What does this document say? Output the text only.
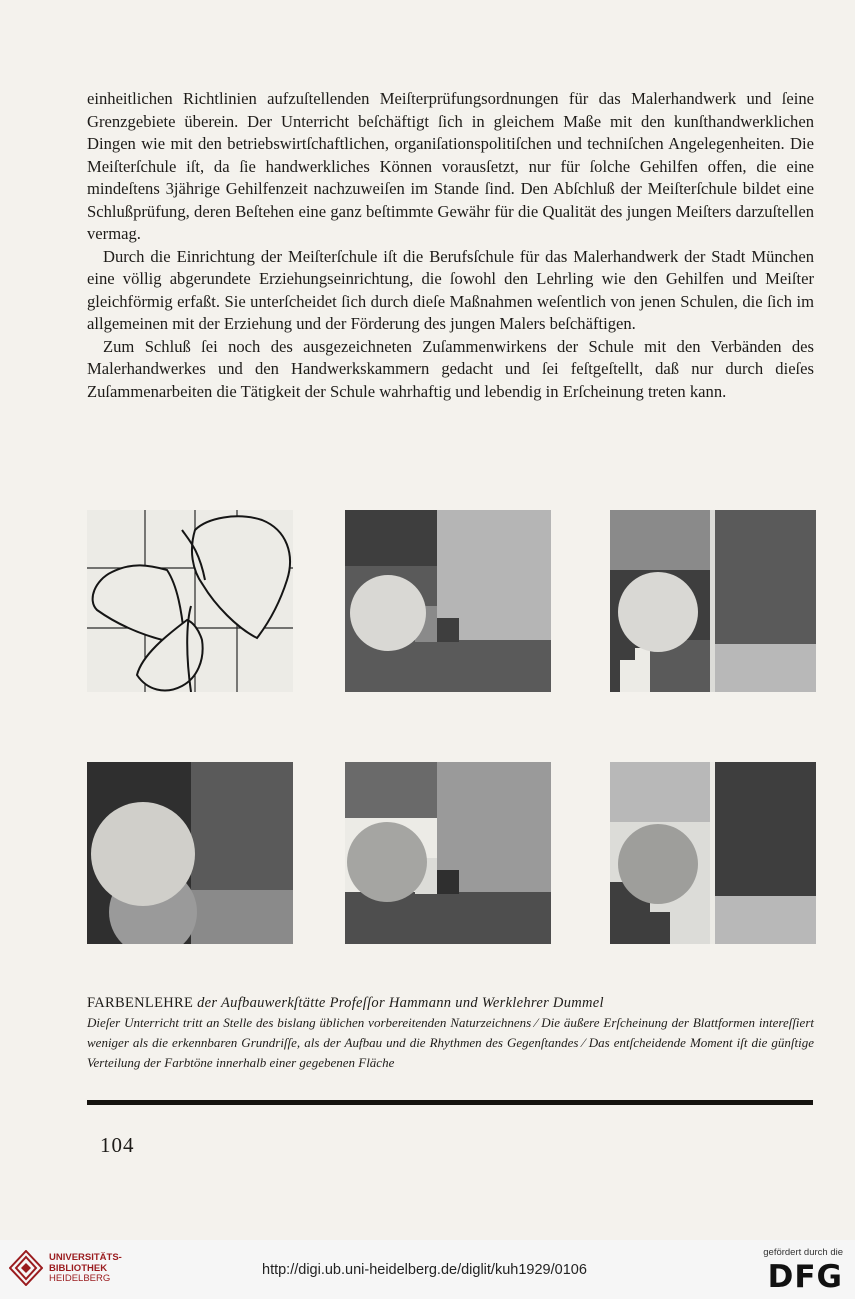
einheitlichen Richtlinien aufzuſtellenden Meiſterprüfungsordnungen für das Malerhandwerk und ſeine Grenzgebiete überein. Der Unterricht beſchäftigt ſich in gleichem Maße mit den kunſthandwerklichen Dingen wie mit den betriebswirtſchaftlichen, organiſationspolitiſchen und techniſchen Angelegenheiten. Die Meiſterſchule iſt, da ſie handwerkliches Können vorausſetzt, nur für ſolche Gehilfen offen, die eine mindeſtens 3jährige Gehilfenzeit nachzuweiſen im Stande ſind. Den Abſchluß der Meiſterſchule bildet eine Schlußprüfung, deren Beſtehen eine ganz beſtimmte Gewähr für die Qualität des jungen Meiſters darzuſtellen vermag.

Durch die Einrichtung der Meiſterſchule iſt die Berufsſchule für das Malerhandwerk der Stadt München eine völlig abgerundete Erziehungseinrichtung, die ſowohl den Lehrling wie den Gehilfen und Meiſter gleichförmig erfaßt. Sie unterſcheidet ſich durch dieſe Maßnahmen weſentlich von jenen Schulen, die ſich im allgemeinen mit der Erziehung und der Förderung des jungen Malers beſchäftigen.

Zum Schluß ſei noch des ausgezeichneten Zuſammenwirkens der Schule mit den Verbänden des Malerhandwerkes und den Handwerkskammern gedacht und ſei feſtgeſtellt, daß nur durch dieſes Zuſammenarbeiten die Tätigkeit der Schule wahrhaftig und lebendig in Erſcheinung treten kann.

FARBENLEHRE der Aufbauwerkſtätte Profeſſor Hammann und Werklehrer Dummel
Dieſer Unterricht tritt an Stelle des bislang üblichen vorbereitenden Naturzeichnens ⁄ Die äußere Erſcheinung der Blattformen intereſſiert weniger als die erkennbaren Grundriſſe, als der Aufbau und die Rhythmen des Gegenſtandes ⁄ Das entſcheidende Moment iſt die günſtige Verteilung der Farbtöne innerhalb einer gegebenen Fläche
104
UNIVERSITÄTS-
BIBLIOTHEK
HEIDELBERG
http://digi.ub.uni-heidelberg.de/diglit/kuh1929/0106
gefördert durch die
DFG
